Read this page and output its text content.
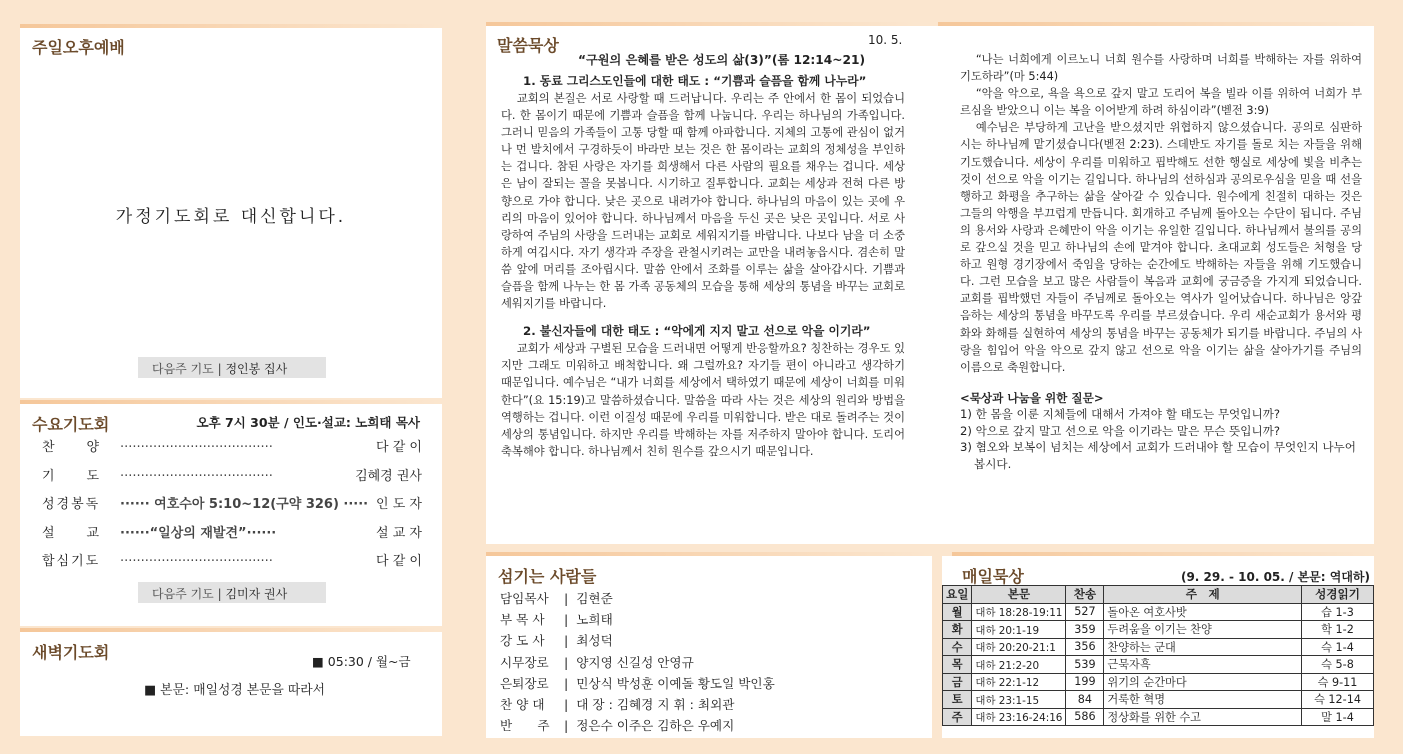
주일오후예배
가정기도회로 대신합니다.
다음주 기도 | 정인봉 집사
수요기도회	오후 7시 30분 / 인도·설교: 노희태 목사
찬　　양 ·····································	다 같 이
기　　도 ·····································	김혜경 권사
성경봉독 ······ 여호수아 5:10~12(구약 326) ····· 인 도 자
설　　교 ······“일상의 재발견”······	설 교 자
합심기도 ·····································	다 같 이
다음주 기도 | 김미자 권사
새벽기도회	■ 05:30 / 월~금
■ 본문: 매일성경 본문을 따라서
말씀묵상	10. 5.
“구원의 은혜를 받은 성도의 삶(3)”(롬 12:14~21)
1. 동료 그리스도인들에 대한 태도 : “기쁨과 슬픔을 함께 나누라”

교회의 본질은 서로 사랑할 때 드러납니다. 우리는 주 안에서 한 몸이 되었습니다. 한 몸이기 때문에 기쁨과 슬픔을 함께 나눕니다. 우리는 하나님의 가족입니다. 그러니 믿음의 가족들이 고통 당할 때 함께 아파합니다. 지체의 고통에 관심이 없거나 먼 발치에서 구경하듯이 바라만 보는 것은 한 몸이라는 교회의 정체성을 부인하는 겁니다. 참된 사랑은 자기를 희생해서 다른 사람의 필요를 채우는 겁니다. 세상은 남이 잘되는 꼴을 못봅니다. 시기하고 질투합니다. 교회는 세상과 전혀 다른 방향으로 가야 합니다. 낮은 곳으로 내려가야 합니다. 하나님의 마음이 있는 곳에 우리의 마음이 있어야 합니다. 하나님께서 마음을 두신 곳은 낮은 곳입니다. 서로 사랑하여 주님의 사랑을 드러내는 교회로 세워지기를 바랍니다. 나보다 남을 더 소중하게 여깁시다. 자기 생각과 주장을 관철시키려는 교만을 내려놓읍시다. 겸손히 말씀 앞에 머리를 조아립시다. 말씀 안에서 조화를 이루는 삶을 살아갑시다. 기쁨과 슬픔을 함께 나누는 한 몸 가족 공동체의 모습을 통해 세상의 통념을 바꾸는 교회로 세워지기를 바랍니다.

2. 불신자들에 대한 태도 : “악에게 지지 말고 선으로 악을 이기라”

교회가 세상과 구별된 모습을 드러내면 어떻게 반응할까요? 칭찬하는 경우도 있지만 그래도 미워하고 배척합니다. 왜 그럴까요? 자기들 편이 아니라고 생각하기 때문입니다. 예수님은 “내가 너희를 세상에서 택하였기 때문에 세상이 너희를 미워한다”(요 15:19)고 말씀하셨습니다. 말씀을 따라 사는 것은 세상의 원리와 방법을 역행하는 겁니다. 이런 이질성 때문에 우리를 미워합니다. 받은 대로 돌려주는 것이 세상의 통념입니다. 하지만 우리를 박해하는 자를 저주하지 말아야 합니다. 도리어 축복해야 합니다. 하나님께서 친히 원수를 갚으시기 때문입니다.

“나는 너희에게 이르노니 너희 원수를 사랑하며 너희를 박해하는 자를 위하여 기도하라”(마 5:44)

“악을 악으로, 욕을 욕으로 갚지 말고 도리어 복을 빌라 이를 위하여 너희가 부르심을 받았으니 이는 복을 이어받게 하려 하심이라”(벧전 3:9)

예수님은 부당하게 고난을 받으셨지만 위협하지 않으셨습니다. 공의로 심판하시는 하나님께 맡기셨습니다(벧전 2:23). 스데반도 자기를 돌로 치는 자들을 위해 기도했습니다. 세상이 우리를 미워하고 핍박해도 선한 행실로 세상에 빛을 비추는 것이 선으로 악을 이기는 길입니다. 하나님의 선하심과 공의로우심을 믿을 때 선을 행하고 화평을 추구하는 삶을 살아갈 수 있습니다. 원수에게 친절히 대하는 것은 그들의 악행을 부끄럽게 만듭니다. 회개하고 주님께 돌아오는 수단이 됩니다. 주님의 용서와 사랑과 은혜만이 악을 이기는 유일한 길입니다. 하나님께서 불의를 공의로 갚으실 것을 믿고 하나님의 손에 맡겨야 합니다. 초대교회 성도들은 처형을 당하고 원형 경기장에서 죽임을 당하는 순간에도 박해하는 자들을 위해 기도했습니다. 그런 모습을 보고 많은 사람들이 복음과 교회에 궁금증을 가지게 되었습니다. 교회를 핍박했던 자들이 주님께로 돌아오는 역사가 일어났습니다. 하나님은 앙갚음하는 세상의 통념을 바꾸도록 우리를 부르셨습니다. 우리 새순교회가 용서와 평화와 화해를 실현하여 세상의 통념을 바꾸는 공동체가 되기를 바랍니다. 주님의 사랑을 힘입어 악을 악으로 갚지 않고 선으로 악을 이기는 삶을 살아가기를 주님의 이름으로 축원합니다.

<묵상과 나눔을 위한 질문>
1) 한 몸을 이룬 지체들에 대해서 가져야 할 태도는 무엇입니까?
2) 악으로 갚지 말고 선으로 악을 이기라는 말은 무슨 뜻입니까?
3) 혐오와 보복이 넘치는 세상에서 교회가 드러내야 할 모습이 무엇인지 나누어 봅시다.
섬기는 사람들
담임목사 | 김현준
부 목 사 | 노희태
강 도 사 | 최성덕
시무장로 | 양지영 신길성 안영규
은퇴장로 | 민상식 박성훈 이예돌 황도일 박인홍
찬 양 대 | 대 장 : 김혜경 지 휘 : 최외관
반　　주 | 정은수 이주은 김하은 우예지
매일묵상	(9. 29. - 10. 05. / 본문: 역대하)
요일	본문	찬송	주　제	성경읽기
월	대하 18:28-19:11	527	돌아온 여호사밧	습 1-3
화	대하 20:1-19	359	두려움을 이기는 찬양	학 1-2
수	대하 20:20-21:1	356	찬양하는 군대	슥 1-4
목	대하 21:2-20	539	근묵자흑	슥 5-8
금	대하 22:1-12	199	위기의 순간마다	슥 9-11
토	대하 23:1-15	84	거룩한 혁명	슥 12-14
주	대하 23:16-24:16	586	정상화를 위한 수고	말 1-4
